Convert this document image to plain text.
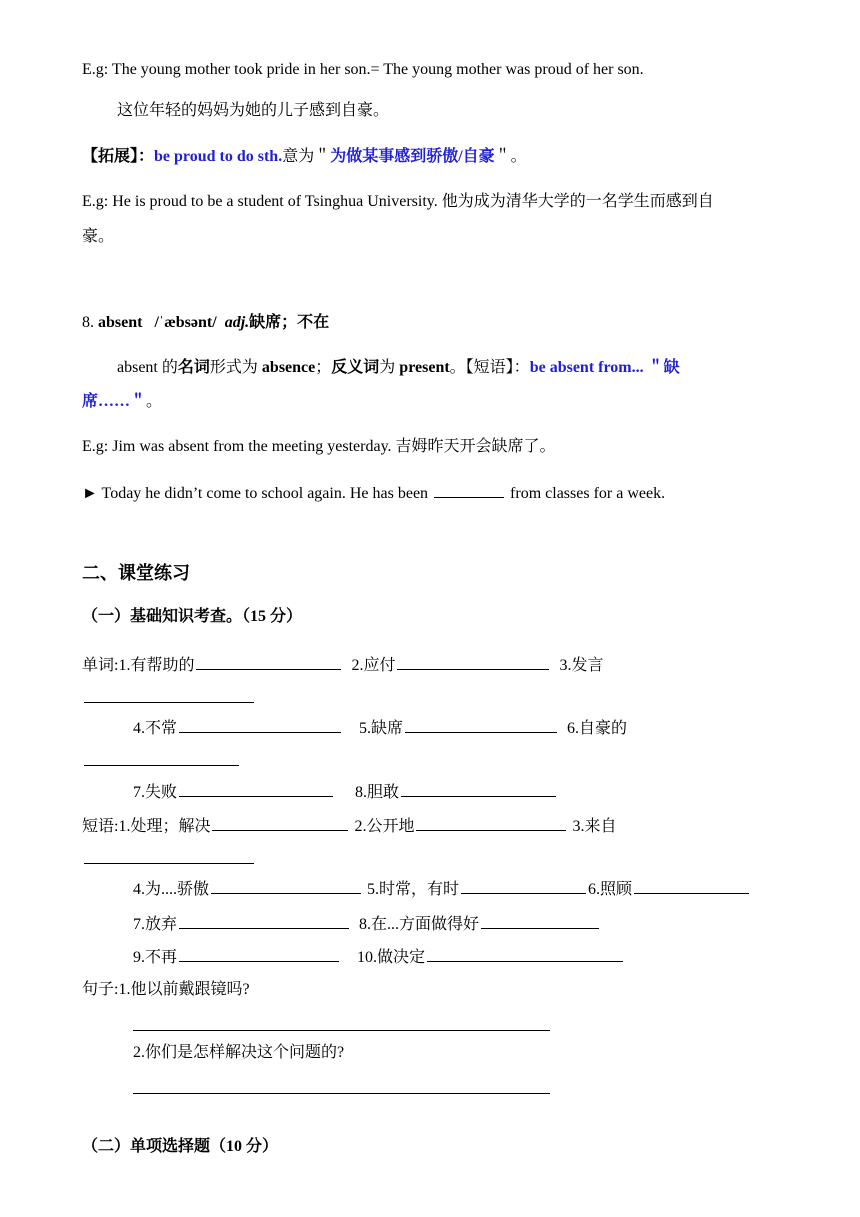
E.g: The young mother took pride in her son.= The young mother was proud of her son.
这位年轻的妈妈为她的儿子感到自豪。
【拓展】：be proud to do sth.意为＂为做某事感到骄傲/自豪＂。
E.g: He is proud to be a student of Tsinghua University. 他为成为清华大学的一名学生而感到自
豪。
8. absent /ˈæbsənt/ adj.缺席；不在
absent 的名词形式为 absence；反义词为 present。【短语】：be absent from... ＂缺
席……＂。
E.g: Jim was absent from the meeting yesterday. 吉姆昨天开会缺席了。
► Today he didn’t come to school again. He has been	from classes for a week.
二、课堂练习
（一）基础知识考查。（15 分）
单词:1.有帮助的	2.应付	3.发言
4.不常	5.缺席	6.自豪的
7.失败	8.胆敢
短语:1.处理；解决	2.公开地	3.来自
4.为....骄傲	5.时常，有时	6.照顾
7.放弃	8.在...方面做得好
9.不再	10.做决定
句子:1.他以前戴跟镜吗?
2.你们是怎样解决这个问题的?
（二）单项选择题（10 分）
